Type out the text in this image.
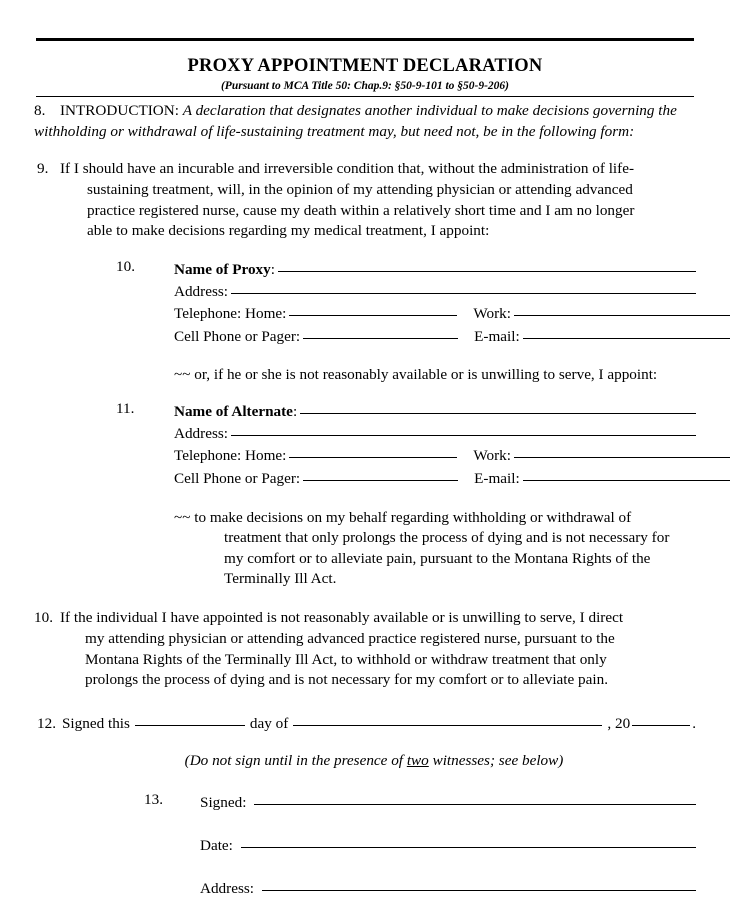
PROXY APPOINTMENT DECLARATION
(Pursuant to MCA Title 50: Chap.9: §50-9-101 to §50-9-206)
8. INTRODUCTION: A declaration that designates another individual to make decisions governing the withholding or withdrawal of life-sustaining treatment may, but need not, be in the following form:
9. If I should have an incurable and irreversible condition that, without the administration of life-
sustaining treatment, will, in the opinion of my attending physician or attending advanced
practice registered nurse, cause my death within a relatively short time and I am no longer
able to make decisions regarding my medical treatment, I appoint:
10.	Name of Proxy:
Address:
Telephone: Home:	Work:
Cell Phone or Pager:	E-mail:
~~ or, if he or she is not reasonably available or is unwilling to serve, I appoint:
11.	Name of Alternate:
Address:
Telephone: Home:	Work:
Cell Phone or Pager:	E-mail:
~~ to make decisions on my behalf regarding withholding or withdrawal of
treatment that only prolongs the process of dying and is not necessary for
my comfort or to alleviate pain, pursuant to the Montana Rights of the
Terminally Ill Act.
10. If the individual I have appointed is not reasonably available or is unwilling to serve, I direct
my attending physician or attending advanced practice registered nurse, pursuant to the
Montana Rights of the Terminally Ill Act, to withhold or withdraw treatment that only
prolongs the process of dying and is not necessary for my comfort or to alleviate pain.
12. Signed this	day of	, 20	.
(Do not sign until in the presence of two witnesses; see below)
13. Signed:
Date:
Address:
